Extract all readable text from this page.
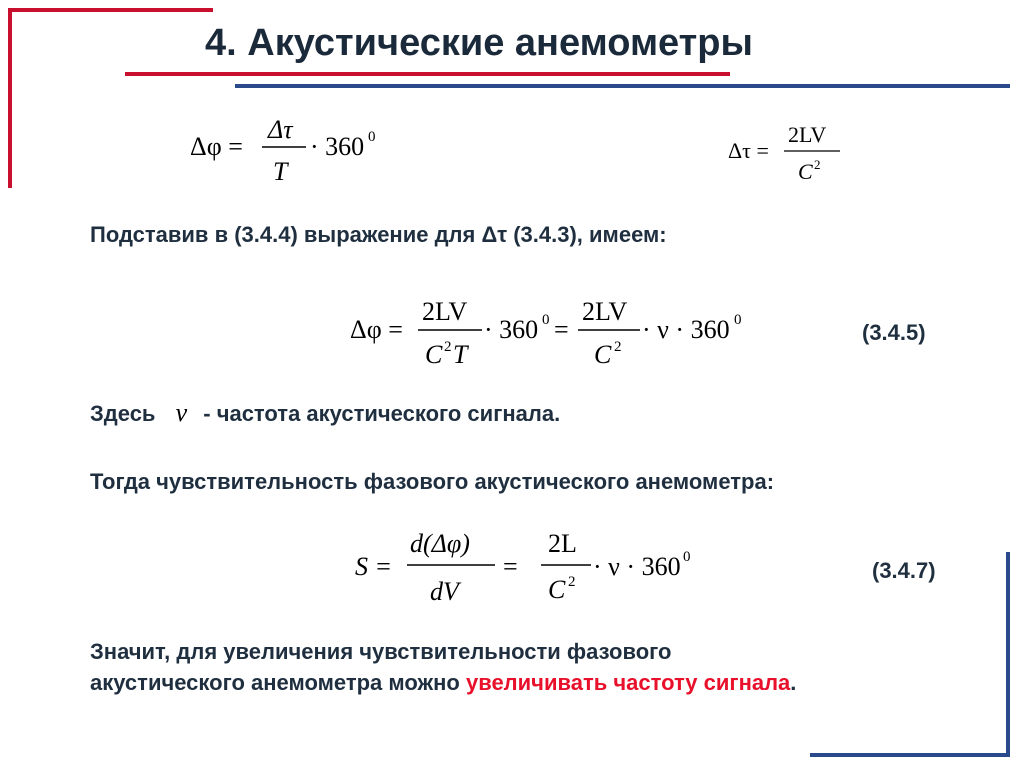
4. Акустические анемометры
Δφ =
Δτ
T
· 360 0
Δτ =
2LV
C 2
Подставив в (3.4.4) выражение для Δτ (3.4.3), имеем:
Δφ =
2LV
C 2 T
· 360 0 =
2LV
C 2
· ν · 360 0	(3.4.5)
Здесь ν - частота акустического сигнала.
Тогда чувствительность фазового акустического анемометра:
S =
d(Δφ)
dV
=
2L
C 2
· ν · 360 0
(3.4.7)
Значит, для увеличения чувствительности фазового
акустического анемометра можно увеличивать частоту сигнала.
